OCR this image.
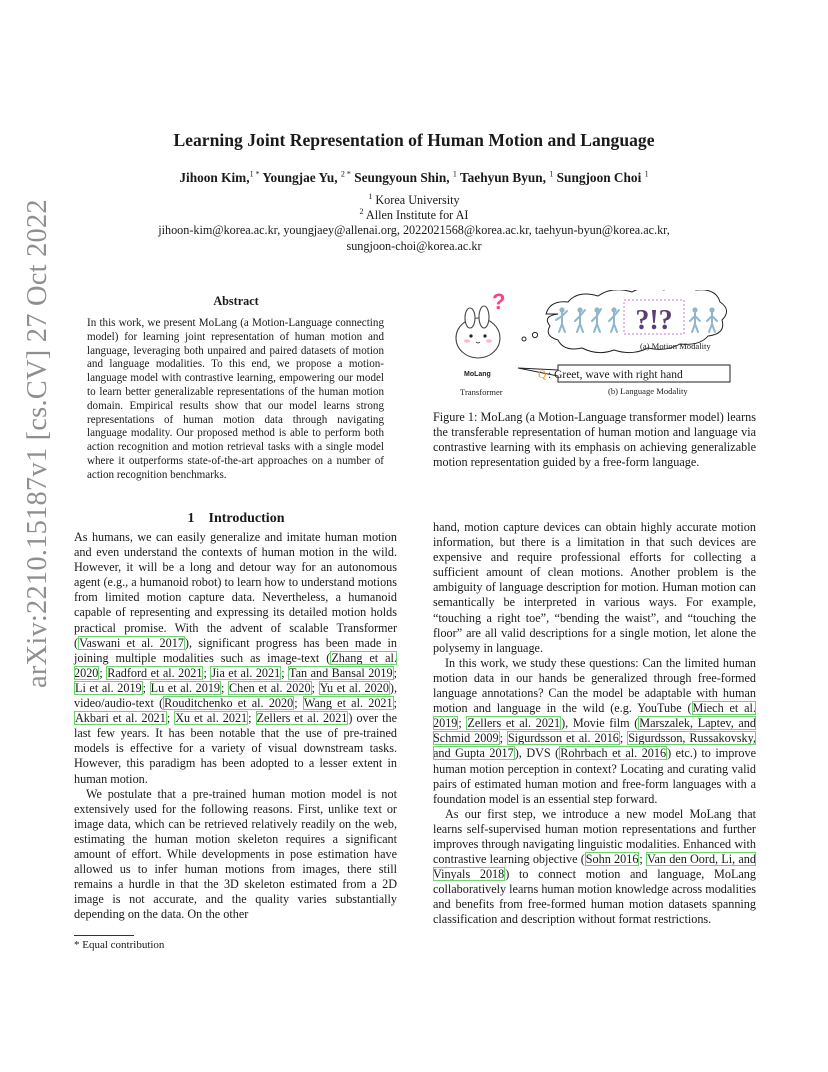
arXiv:2210.15187v1 [cs.CV] 27 Oct 2022
Learning Joint Representation of Human Motion and Language
Jihoon Kim,$^{1 *}$ Youngjae Yu, $^{2 *}$ Seungyoun Shin, $^1$ Taehyun Byun, $^1$ Sungjoon Choi $^1$
$^1$ Korea University
$^2$ Allen Institute for AI
jihoon-kim@korea.ac.kr, youngjaey@allenai.org, 2022021568@korea.ac.kr, taehyun-byun@korea.ac.kr,
sungjoon-choi@korea.ac.kr
Abstract
In this work, we present MoLang (a Motion-Language connecting model) for learning joint representation of human motion and language, leveraging both unpaired and paired datasets of motion and language modalities. To this end, we propose a motion-language model with contrastive learning, empowering our model to learn better generalizable representations of the human motion domain. Empirical results show that our model learns strong representations of human motion data through navigating language modality. Our proposed method is able to perform both action recognition and motion retrieval tasks with a single model where it outperforms state-of-the-art approaches on a number of action recognition benchmarks.
1 Introduction

As humans, we can easily generalize and imitate human motion and even understand the contexts of human motion in the wild. However, it will be a long and detour way for an autonomous agent (e.g., a humanoid robot) to learn how to understand motions from limited motion capture data. Nevertheless, a humanoid capable of representing and expressing its detailed motion holds practical promise. With the advent of scalable Transformer (Vaswani et al. 2017), significant progress has been made in joining multiple modalities such as image-text (Zhang et al. 2020; Radford et al. 2021; Jia et al. 2021; Tan and Bansal 2019; Li et al. 2019; Lu et al. 2019; Chen et al. 2020; Yu et al. 2020), video/audio-text (Rouditchenko et al. 2020; Wang et al. 2021; Akbari et al. 2021; Xu et al. 2021; Zellers et al. 2021) over the last few years. It has been notable that the use of pre-trained models is effective for a variety of visual downstream tasks. However, this paradigm has been adopted to a lesser extent in human motion.

We postulate that a pre-trained human motion model is not extensively used for the following reasons. First, unlike text or image data, which can be retrieved relatively readily on the web, estimating the human motion skeleton requires a significant amount of effort. While developments in pose estimation have allowed us to infer human motions from images, there still remains a hurdle in that the 3D skeleton estimated from a 2D image is not accurate, and the quality varies substantially depending on the data. On the other

* Equal contribution
?
MoLang
Transformer
?!?
(a) Motion Modality
Q : Greet, wave with right hand
(b) Language Modality
Figure 1: MoLang (a Motion-Language transformer model) learns the transferable representation of human motion and language via contrastive learning with its emphasis on achieving generalizable motion representation guided by a free-form language.

hand, motion capture devices can obtain highly accurate motion information, but there is a limitation in that such devices are expensive and require professional efforts for collecting a sufficient amount of clean motions. Another problem is the ambiguity of language description for motion. Human motion can semantically be interpreted in various ways. For example, “touching a right toe”, “bending the waist”, and “touching the floor” are all valid descriptions for a single motion, let alone the polysemy in language.

In this work, we study these questions: Can the limited human motion data in our hands be generalized through free-formed language annotations? Can the model be adaptable with human motion and language in the wild (e.g. YouTube (Miech et al. 2019; Zellers et al. 2021), Movie film (Marszalek, Laptev, and Schmid 2009; Sigurdsson et al. 2016; Sigurdsson, Russakovsky, and Gupta 2017), DVS (Rohrbach et al. 2016) etc.) to improve human motion perception in context? Locating and curating valid pairs of estimated human motion and free-form languages with a foundation model is an essential step forward.

As our first step, we introduce a new model MoLang that learns self-supervised human motion representations and further improves through navigating linguistic modalities. Enhanced with contrastive learning objective (Sohn 2016; Van den Oord, Li, and Vinyals 2018) to connect motion and language, MoLang collaboratively learns human motion knowledge across modalities and benefits from free-formed human motion datasets spanning classification and description without format restrictions.
